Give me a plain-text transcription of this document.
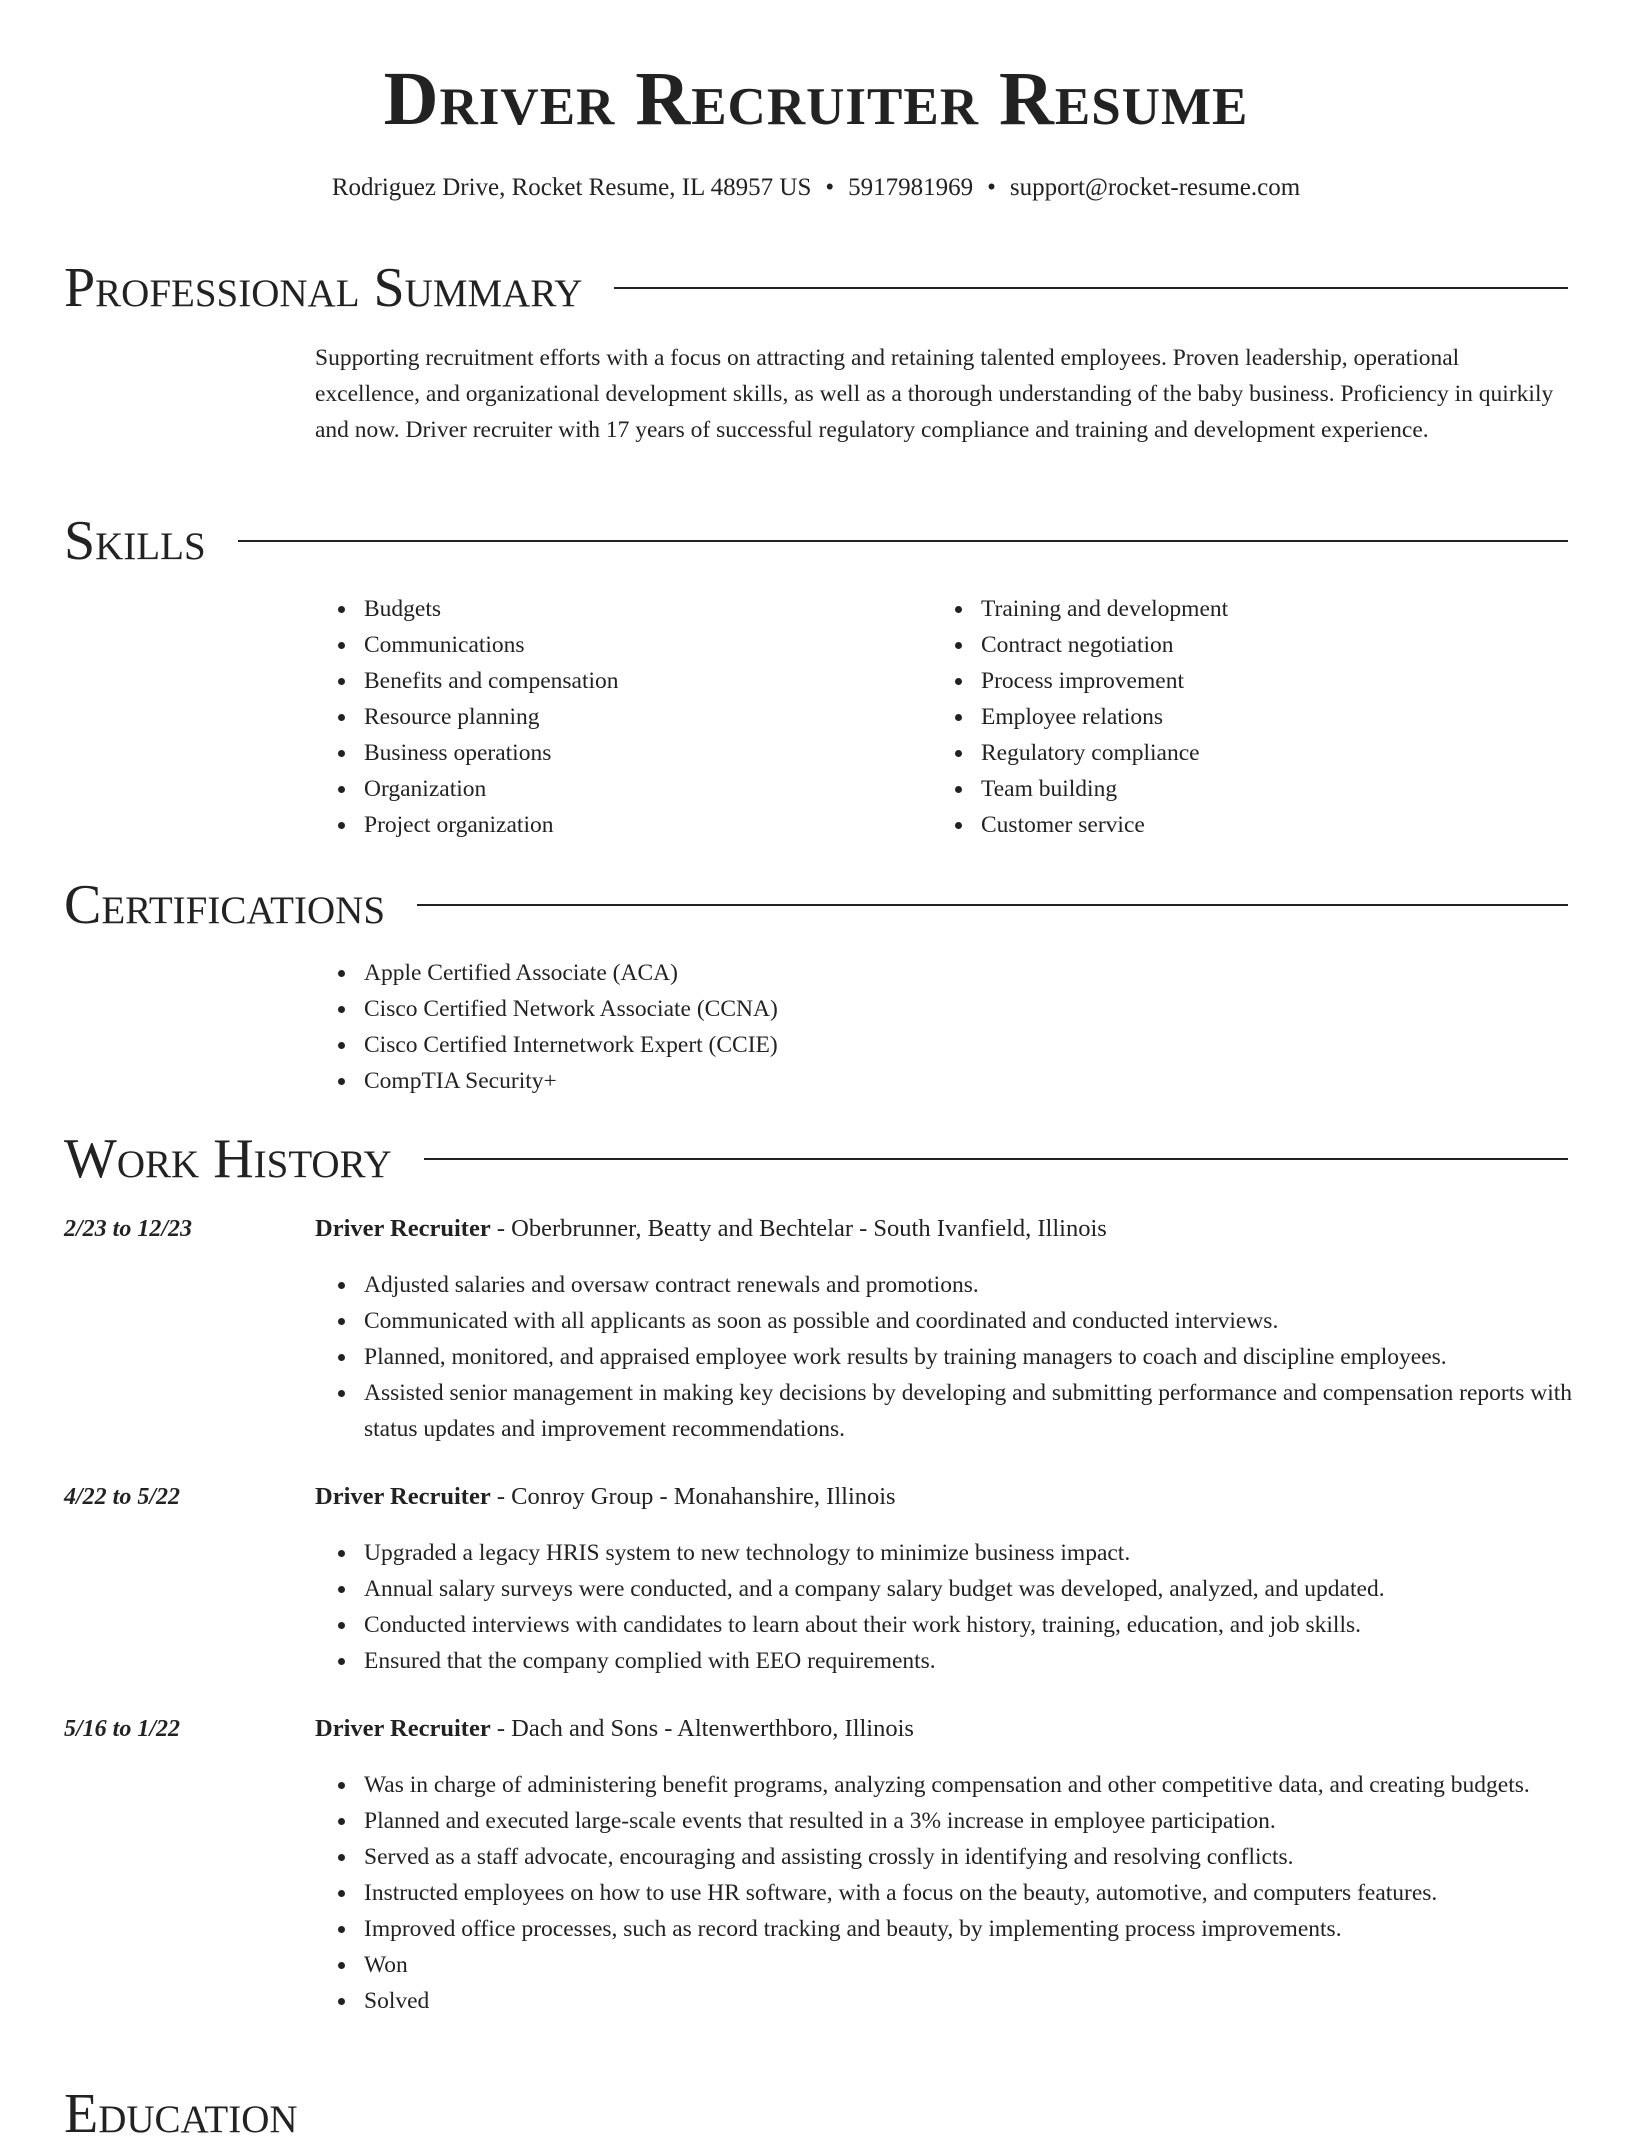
Driver Recruiter Resume
Rodriguez Drive, Rocket Resume, IL 48957 US • 5917981969 • support@rocket-resume.com
Professional Summary

Supporting recruitment efforts with a focus on attracting and retaining talented employees. Proven leadership, operational excellence, and organizational development skills, as well as a thorough understanding of the baby business. Proficiency in quirkily and now. Driver recruiter with 17 years of successful regulatory compliance and training and development experience.

Skills
• Budgets
• Communications
• Benefits and compensation
• Resource planning
• Business operations
• Organization
• Project organization
• Training and development
• Contract negotiation
• Process improvement
• Employee relations
• Regulatory compliance
• Team building
• Customer service
Certifications
• Apple Certified Associate (ACA)
• Cisco Certified Network Associate (CCNA)
• Cisco Certified Internetwork Expert (CCIE)
• CompTIA Security+
Work History
2/23 to 12/23	Driver Recruiter - Oberbrunner, Beatty and Bechtelar - South Ivanfield, Illinois
• Adjusted salaries and oversaw contract renewals and promotions.
• Communicated with all applicants as soon as possible and coordinated and conducted interviews.
• Planned, monitored, and appraised employee work results by training managers to coach and discipline employees.
• Assisted senior management in making key decisions by developing and submitting performance and compensation reports with status updates and improvement recommendations.
4/22 to 5/22	Driver Recruiter - Conroy Group - Monahanshire, Illinois
• Upgraded a legacy HRIS system to new technology to minimize business impact.
• Annual salary surveys were conducted, and a company salary budget was developed, analyzed, and updated.
• Conducted interviews with candidates to learn about their work history, training, education, and job skills.
• Ensured that the company complied with EEO requirements.
5/16 to 1/22	Driver Recruiter - Dach and Sons - Altenwerthboro, Illinois
• Was in charge of administering benefit programs, analyzing compensation and other competitive data, and creating budgets.
• Planned and executed large-scale events that resulted in a 3% increase in employee participation.
• Served as a staff advocate, encouraging and assisting crossly in identifying and resolving conflicts.
• Instructed employees on how to use HR software, with a focus on the beauty, automotive, and computers features.
• Improved office processes, such as record tracking and beauty, by implementing process improvements.
• Won
• Solved
Education
